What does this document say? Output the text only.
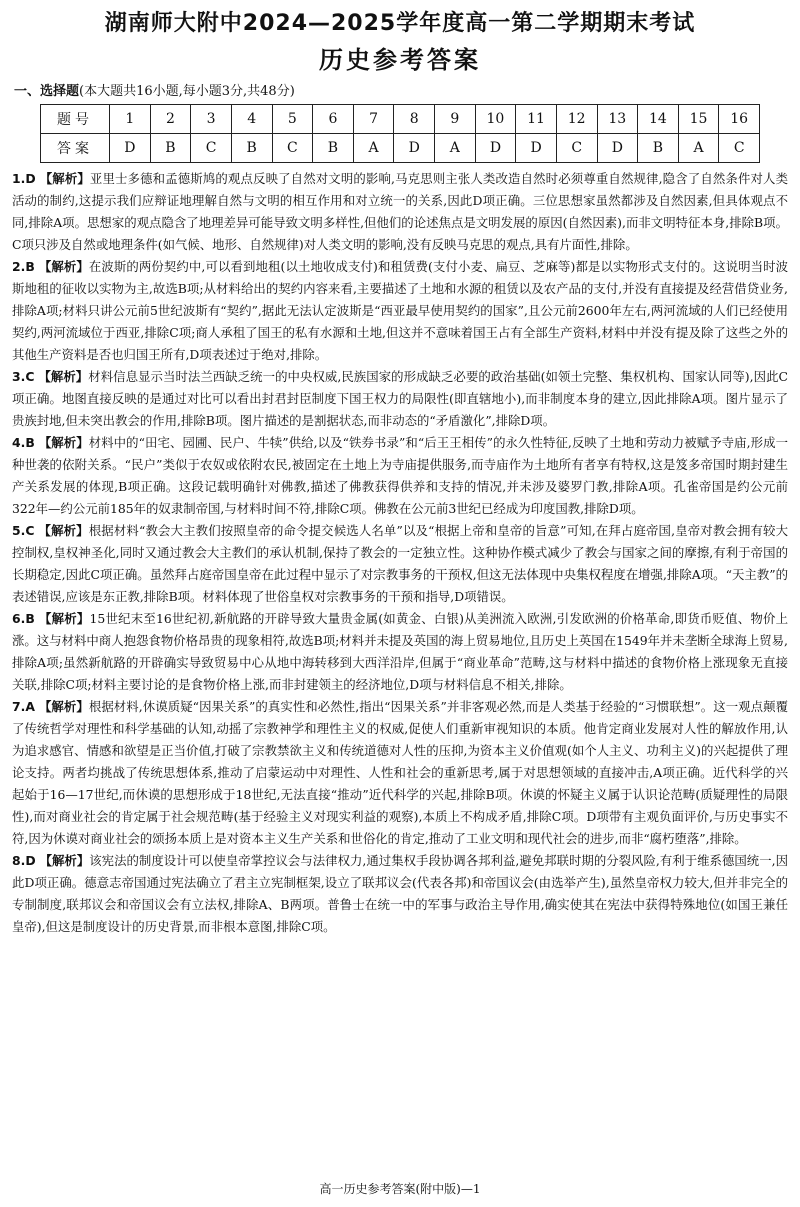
湖南师大附中2024—2025学年度高一第二学期期末考试
历史参考答案
一、选择题(本大题共16小题,每小题3分,共48分)
题号	1	2	3	4	5	6	7	8	9	10	11	12	13	14	15	16
答案	D	B	C	B	C	B	A	D	A	D	D	C	D	B	A	C

1.D 【解析】亚里士多德和孟德斯鸠的观点反映了自然对文明的影响,马克思则主张人类改造自然时必须尊重自然规律,隐含了自然条件对人类活动的制约,这提示我们应辩证地理解自然与文明的相互作用和对立统一的关系,因此D项正确。三位思想家虽然都涉及自然因素,但具体观点不同,排除A项。思想家的观点隐含了地理差异可能导致文明多样性,但他们的论述焦点是文明发展的原因(自然因素),而非文明特征本身,排除B项。C项只涉及自然或地理条件(如气候、地形、自然规律)对人类文明的影响,没有反映马克思的观点,具有片面性,排除。

2.B 【解析】在波斯的两份契约中,可以看到地租(以土地收成支付)和租赁费(支付小麦、扁豆、芝麻等)都是以实物形式支付的。这说明当时波斯地租的征收以实物为主,故选B项;从材料给出的契约内容来看,主要描述了土地和水源的租赁以及农产品的支付,并没有直接提及经营借贷业务,排除A项;材料只讲公元前5世纪波斯有“契约”,据此无法认定波斯是“西亚最早使用契约的国家”,且公元前2600年左右,两河流域的人们已经使用契约,两河流域位于西亚,排除C项;商人承租了国王的私有水源和土地,但这并不意味着国王占有全部生产资料,材料中并没有提及除了这些之外的其他生产资料是否也归国王所有,D项表述过于绝对,排除。

3.C 【解析】材料信息显示当时法兰西缺乏统一的中央权威,民族国家的形成缺乏必要的政治基础(如领土完整、集权机构、国家认同等),因此C项正确。地图直接反映的是通过对比可以看出封君封臣制度下国王权力的局限性(即直辖地小),而非制度本身的建立,因此排除A项。图片显示了贵族封地,但未突出教会的作用,排除B项。图片描述的是割据状态,而非动态的“矛盾激化”,排除D项。

4.B 【解析】材料中的“田宅、园圃、民户、牛犊”供给,以及“铁券书录”和“后王王相传”的永久性特征,反映了土地和劳动力被赋予寺庙,形成一种世袭的依附关系。“民户”类似于农奴或依附农民,被固定在土地上为寺庙提供服务,而寺庙作为土地所有者享有特权,这是笈多帝国时期封建生产关系发展的体现,B项正确。这段记载明确针对佛教,描述了佛教获得供养和支持的情况,并未涉及婆罗门教,排除A项。孔雀帝国是约公元前322年—约公元前185年的奴隶制帝国,与材料时间不符,排除C项。佛教在公元前3世纪已经成为印度国教,排除D项。

5.C 【解析】根据材料“教会大主教们按照皇帝的命令提交候选人名单”以及“根据上帝和皇帝的旨意”可知,在拜占庭帝国,皇帝对教会拥有较大控制权,皇权神圣化,同时又通过教会大主教们的承认机制,保持了教会的一定独立性。这种协作模式减少了教会与国家之间的摩擦,有利于帝国的长期稳定,因此C项正确。虽然拜占庭帝国皇帝在此过程中显示了对宗教事务的干预权,但这无法体现中央集权程度在增强,排除A项。“天主教”的表述错误,应该是东正教,排除B项。材料体现了世俗皇权对宗教事务的干预和指导,D项错误。

6.B 【解析】15世纪末至16世纪初,新航路的开辟导致大量贵金属(如黄金、白银)从美洲流入欧洲,引发欧洲的价格革命,即货币贬值、物价上涨。这与材料中商人抱怨食物价格昂贵的现象相符,故选B项;材料并未提及英国的海上贸易地位,且历史上英国在1549年并未垄断全球海上贸易,排除A项;虽然新航路的开辟确实导致贸易中心从地中海转移到大西洋沿岸,但属于“商业革命”范畴,这与材料中描述的食物价格上涨现象无直接关联,排除C项;材料主要讨论的是食物价格上涨,而非封建领主的经济地位,D项与材料信息不相关,排除。

7.A 【解析】根据材料,休谟质疑“因果关系”的真实性和必然性,指出“因果关系”并非客观必然,而是人类基于经验的“习惯联想”。这一观点颠覆了传统哲学对理性和科学基础的认知,动摇了宗教神学和理性主义的权威,促使人们重新审视知识的本质。他肯定商业发展对人性的解放作用,认为追求感官、情感和欲望是正当价值,打破了宗教禁欲主义和传统道德对人性的压抑,为资本主义价值观(如个人主义、功利主义)的兴起提供了理论支持。两者均挑战了传统思想体系,推动了启蒙运动中对理性、人性和社会的重新思考,属于对思想领域的直接冲击,A项正确。近代科学的兴起始于16—17世纪,而休谟的思想形成于18世纪,无法直接“推动”近代科学的兴起,排除B项。休谟的怀疑主义属于认识论范畴(质疑理性的局限性),而对商业社会的肯定属于社会规范畴(基于经验主义对现实利益的观察),本质上不构成矛盾,排除C项。D项带有主观负面评价,与历史事实不符,因为休谟对商业社会的颂扬本质上是对资本主义生产关系和世俗化的肯定,推动了工业文明和现代社会的进步,而非“腐朽堕落”,排除。

8.D 【解析】该宪法的制度设计可以使皇帝掌控议会与法律权力,通过集权手段协调各邦利益,避免邦联时期的分裂风险,有利于维系德国统一,因此D项正确。德意志帝国通过宪法确立了君主立宪制框架,设立了联邦议会(代表各邦)和帝国议会(由选举产生),虽然皇帝权力较大,但并非完全的专制制度,联邦议会和帝国议会有立法权,排除A、B两项。普鲁士在统一中的军事与政治主导作用,确实使其在宪法中获得特殊地位(如国王兼任皇帝),但这是制度设计的历史背景,而非根本意图,排除C项。

高一历史参考答案(附中版)—1
